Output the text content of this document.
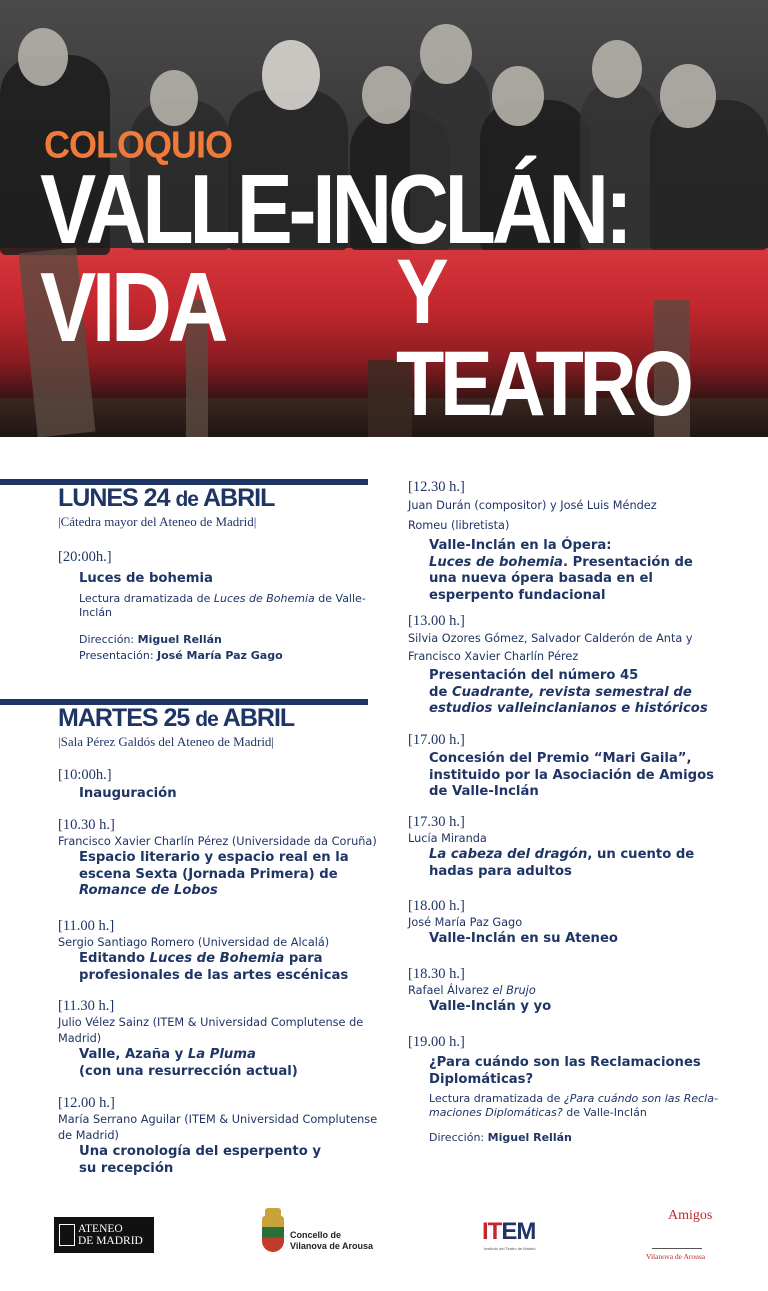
COLOQUIO
VALLE-INCLÁN: VIDA	Y TEATRO
LUNES 24 de ABRIL
|Cátedra mayor del Ateneo de Madrid|
[20:00h.]
Luces de bohemia
Lectura dramatizada de Luces de Bohemia de Valle-Inclán
Dirección: Miguel Rellán
Presentación: José María Paz Gago
MARTES 25 de ABRIL
|Sala Pérez Galdós del Ateneo de Madrid|
[10:00h.]
Inauguración
[10.30 h.]
Francisco Xavier Charlín Pérez (Universidade da Coruña)
Espacio literario y espacio real en la escena Sexta (Jornada Primera) de Romance de Lobos
[11.00 h.]
Sergio Santiago Romero (Universidad de Alcalá)
Editando Luces de Bohemia para profesionales de las artes escénicas
[11.30 h.]
Julio Vélez Sainz (ITEM & Universidad Complutense de Madrid)
Valle, Azaña y La Pluma
(con una resurrección actual)
[12.00 h.]
María Serrano Aguilar (ITEM & Universidad Complutense de Madrid)
Una cronología del esperpento y su recepción
[12.30 h.]
Juan Durán (compositor) y José Luis Méndez Romeu (libretista)
Valle-Inclán en la Ópera:
Luces de bohemia. Presentación de una nueva ópera basada en el esperpento fundacional
[13.00 h.]
Silvia Ozores Gómez, Salvador Calderón de Anta y Francisco Xavier Charlín Pérez
Presentación del número 45
de Cuadrante, revista semestral de estudios valleinclanianos e históricos
[17.00 h.]
Concesión del Premio “Mari Gaila”, instituido por la Asociación de Amigos de Valle-Inclán
[17.30 h.]
Lucía Miranda
La cabeza del dragón, un cuento de hadas para adultos
[18.00 h.]
José María Paz Gago
Valle-Inclán en su Ateneo
[18.30 h.]
Rafael Álvarez el Brujo
Valle-Inclán y yo
[19.00 h.]
¿Para cuándo son las Reclamaciones Diplomáticas?
Lectura dramatizada de ¿Para cuándo son las Reclamaciones Diplomáticas? de Valle-Inclán
Dirección: Miguel Rellán
ATENEO
DE MADRID	Concello de
Vilanova de Arousa
ITEM
Instituto del Teatro de Madrid
Amigos
Vilanova de Arousa
